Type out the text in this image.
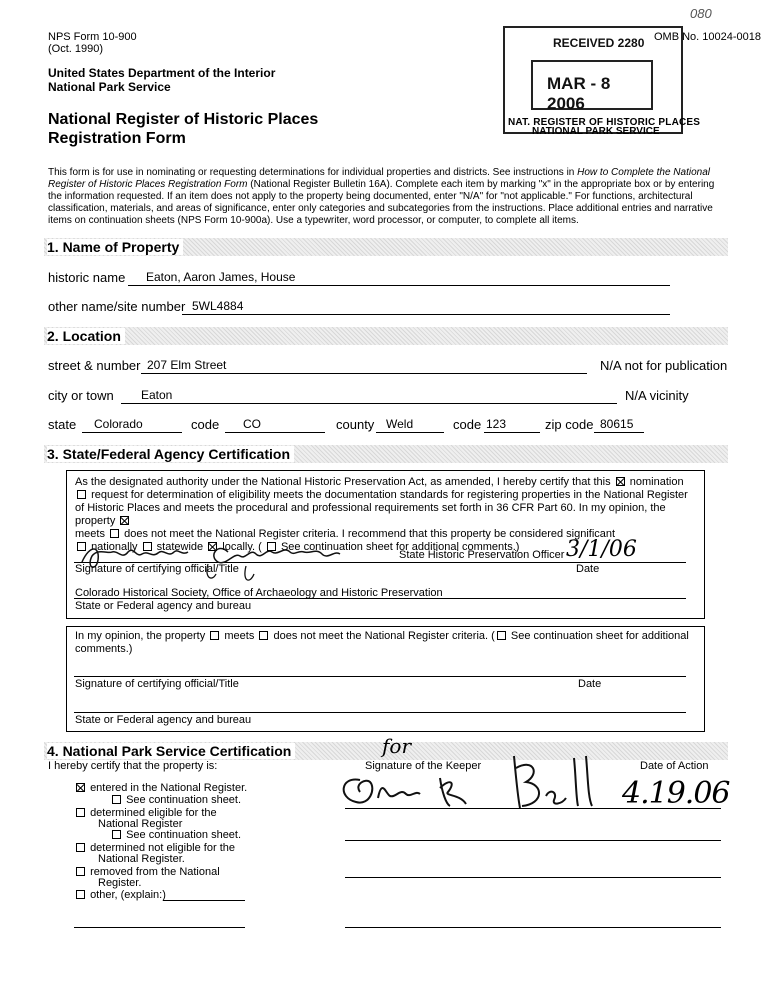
NPS Form 10-900
(Oct. 1990)
OMB No. 10024-0018
080
United States Department of the Interior
National Park Service
National Register of Historic Places
Registration Form
RECEIVED 2280
MAR - 8 2006
NAT. REGISTER OF HISTORIC PLACES
NATIONAL PARK SERVICE
This form is for use in nominating or requesting determinations for individual properties and districts. See instructions in How to Complete the National Register of Historic Places Registration Form (National Register Bulletin 16A). Complete each item by marking "x" in the appropriate box or by entering the information requested. If an item does not apply to the property being documented, enter "N/A" for "not applicable." For functions, architectural classification, materials, and areas of significance, enter only categories and subcategories from the instructions. Place additional entries and narrative items on continuation sheets (NPS Form 10-900a). Use a typewriter, word processor, or computer, to complete all items.
1. Name of Property
historic name	Eaton, Aaron James, House
other name/site number 5WL4884
2. Location
street & number 207 Elm Street	N/A not for publication
city or town	Eaton	N/A vicinity
state	Colorado	code	CO	county Weld	code 123	zip code 80615
3. State/Federal Agency Certification
As the designated authority under the National Historic Preservation Act, as amended, I hereby certify that this nomination
request for determination of eligibility meets the documentation standards for registering properties in the National Register of Historic Places and meets the procedural and professional requirements set forth in 36 CFR Part 60. In my opinion, the property
meets does not meet the National Register criteria. I recommend that this property be considered significant
nationally statewide locally. ( See continuation sheet for additional comments.)
State Historic Preservation Officer 3/1/06
Signature of certifying official/Title	Date
Colorado Historical Society, Office of Archaeology and Historic Preservation
State or Federal agency and bureau
In my opinion, the property meets does not meet the National Register criteria. ( See continuation sheet for additional comments.)
Signature of certifying official/Title	Date
State or Federal agency and bureau
4. National Park Service Certification
I hereby certify that the property is:
entered in the National Register.
See continuation sheet.
determined eligible for the
National Register
See continuation sheet.
determined not eligible for the
National Register.
removed from the National
Register.
other, (explain:)
Signature of the Keeper	Date of Action
for
4.19.06
